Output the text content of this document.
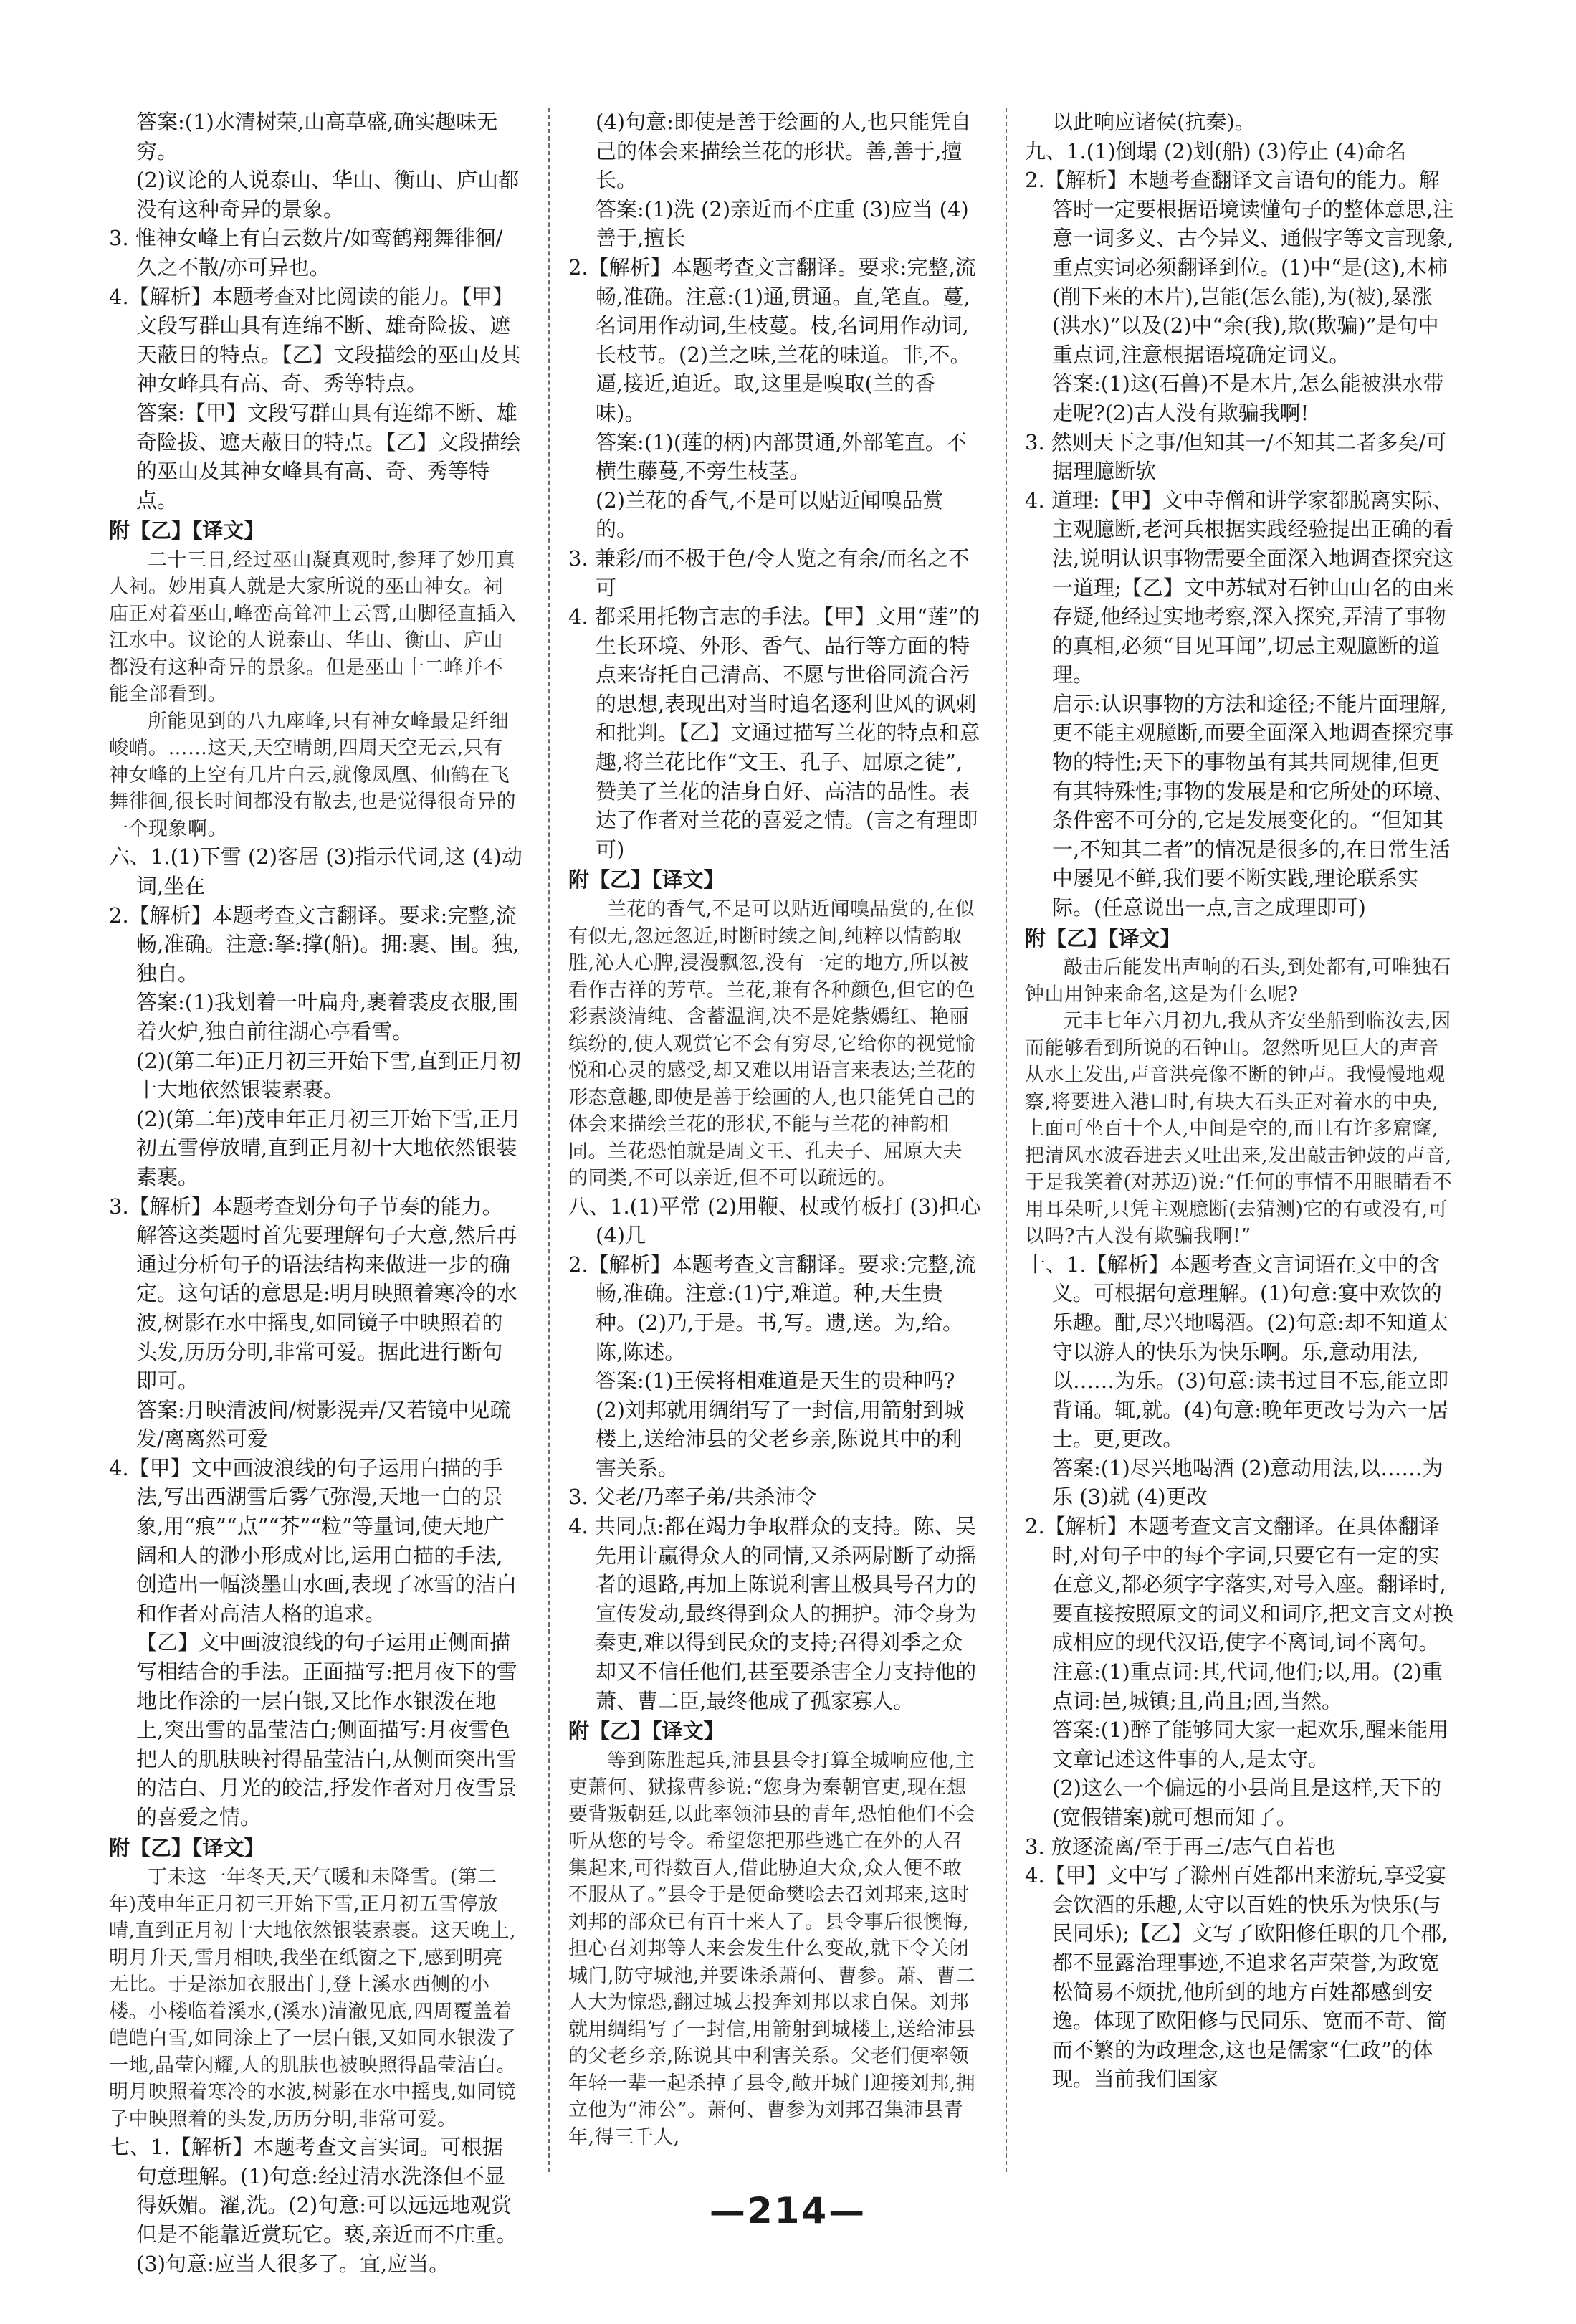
答案:(1)水清树荣,山高草盛,确实趣味无穷。

(2)议论的人说泰山、华山、衡山、庐山都没有这种奇异的景象。

3. 惟神女峰上有白云数片/如鸾鹤翔舞徘徊/久之不散/亦可异也。

4.【解析】本题考查对比阅读的能力。【甲】文段写群山具有连绵不断、雄奇险拔、遮天蔽日的特点。【乙】文段描绘的巫山及其神女峰具有高、奇、秀等特点。

答案:【甲】文段写群山具有连绵不断、雄奇险拔、遮天蔽日的特点。【乙】文段描绘的巫山及其神女峰具有高、奇、秀等特点。

附【乙】【译文】

二十三日,经过巫山凝真观时,参拜了妙用真人祠。妙用真人就是大家所说的巫山神女。祠庙正对着巫山,峰峦高耸冲上云霄,山脚径直插入江水中。议论的人说泰山、华山、衡山、庐山都没有这种奇异的景象。但是巫山十二峰并不能全部看到。

所能见到的八九座峰,只有神女峰最是纤细峻峭。……这天,天空晴朗,四周天空无云,只有神女峰的上空有几片白云,就像凤凰、仙鹤在飞舞徘徊,很长时间都没有散去,也是觉得很奇异的一个现象啊。

六、1.(1)下雪 (2)客居 (3)指示代词,这 (4)动词,坐在

2.【解析】本题考查文言翻译。要求:完整,流畅,准确。注意:拏:撑(船)。拥:裹、围。独,独自。

答案:(1)我划着一叶扁舟,裹着裘皮衣服,围着火炉,独自前往湖心亭看雪。

(2)(第二年)正月初三开始下雪,直到正月初十大地依然银装素裹。

(2)(第二年)茂申年正月初三开始下雪,正月初五雪停放晴,直到正月初十大地依然银装素裹。

3.【解析】本题考查划分句子节奏的能力。解答这类题时首先要理解句子大意,然后再通过分析句子的语法结构来做进一步的确定。这句话的意思是:明月映照着寒冷的水波,树影在水中摇曳,如同镜子中映照着的头发,历历分明,非常可爱。据此进行断句即可。

答案:月映清波间/树影滉弄/又若镜中见疏发/离离然可爱

4.【甲】文中画波浪线的句子运用白描的手法,写出西湖雪后雾气弥漫,天地一白的景象,用“痕”“点”“芥”“粒”等量词,使天地广阔和人的渺小形成对比,运用白描的手法,创造出一幅淡墨山水画,表现了冰雪的洁白和作者对高洁人格的追求。

【乙】文中画波浪线的句子运用正侧面描写相结合的手法。正面描写:把月夜下的雪地比作涂的一层白银,又比作水银泼在地上,突出雪的晶莹洁白;侧面描写:月夜雪色把人的肌肤映衬得晶莹洁白,从侧面突出雪的洁白、月光的皎洁,抒发作者对月夜雪景的喜爱之情。

附【乙】【译文】

丁未这一年冬天,天气暖和未降雪。(第二年)茂申年正月初三开始下雪,正月初五雪停放晴,直到正月初十大地依然银装素裹。这天晚上,明月升天,雪月相映,我坐在纸窗之下,感到明亮无比。于是添加衣服出门,登上溪水西侧的小楼。小楼临着溪水,(溪水)清澈见底,四周覆盖着皑皑白雪,如同涂上了一层白银,又如同水银泼了一地,晶莹闪耀,人的肌肤也被映照得晶莹洁白。明月映照着寒冷的水波,树影在水中摇曳,如同镜子中映照着的头发,历历分明,非常可爱。

七、1.【解析】本题考查文言实词。可根据句意理解。(1)句意:经过清水洗涤但不显得妖媚。濯,洗。(2)句意:可以远远地观赏但是不能靠近赏玩它。亵,亲近而不庄重。(3)句意:应当人很多了。宜,应当。

(4)句意:即使是善于绘画的人,也只能凭自己的体会来描绘兰花的形状。善,善于,擅长。

答案:(1)洗 (2)亲近而不庄重 (3)应当 (4)善于,擅长

2.【解析】本题考查文言翻译。要求:完整,流畅,准确。注意:(1)通,贯通。直,笔直。蔓,名词用作动词,生枝蔓。枝,名词用作动词,长枝节。(2)兰之味,兰花的味道。非,不。逼,接近,迫近。取,这里是嗅取(兰的香味)。

答案:(1)(莲的柄)内部贯通,外部笔直。不横生藤蔓,不旁生枝茎。

(2)兰花的香气,不是可以贴近闻嗅品赏的。

3. 兼彩/而不极于色/令人览之有余/而名之不可

4. 都采用托物言志的手法。【甲】文用“莲”的生长环境、外形、香气、品行等方面的特点来寄托自己清高、不愿与世俗同流合污的思想,表现出对当时追名逐利世风的讽刺和批判。【乙】文通过描写兰花的特点和意趣,将兰花比作“文王、孔子、屈原之徒”,赞美了兰花的洁身自好、高洁的品性。表达了作者对兰花的喜爱之情。(言之有理即可)

附【乙】【译文】

兰花的香气,不是可以贴近闻嗅品赏的,在似有似无,忽远忽近,时断时续之间,纯粹以情韵取胜,沁人心脾,浸漫飘忽,没有一定的地方,所以被看作吉祥的芳草。兰花,兼有各种颜色,但它的色彩素淡清纯、含蓄温润,决不是姹紫嫣红、艳丽缤纷的,使人观赏它不会有穷尽,它给你的视觉愉悦和心灵的感受,却又难以用语言来表达;兰花的形态意趣,即使是善于绘画的人,也只能凭自己的体会来描绘兰花的形状,不能与兰花的神韵相同。兰花恐怕就是周文王、孔夫子、屈原大夫的同类,不可以亲近,但不可以疏远的。

八、1.(1)平常 (2)用鞭、杖或竹板打 (3)担心 (4)几

2.【解析】本题考查文言翻译。要求:完整,流畅,准确。注意:(1)宁,难道。种,天生贵种。(2)乃,于是。书,写。遗,送。为,给。陈,陈述。

答案:(1)王侯将相难道是天生的贵种吗?

(2)刘邦就用绸绢写了一封信,用箭射到城楼上,送给沛县的父老乡亲,陈说其中的利害关系。

3. 父老/乃率子弟/共杀沛令

4. 共同点:都在竭力争取群众的支持。陈、吴先用计赢得众人的同情,又杀两尉断了动摇者的退路,再加上陈说利害且极具号召力的宣传发动,最终得到众人的拥护。沛令身为秦吏,难以得到民众的支持;召得刘季之众却又不信任他们,甚至要杀害全力支持他的萧、曹二臣,最终他成了孤家寡人。

附【乙】【译文】

等到陈胜起兵,沛县县令打算全城响应他,主吏萧何、狱掾曹参说:“您身为秦朝官吏,现在想要背叛朝廷,以此率领沛县的青年,恐怕他们不会听从您的号令。希望您把那些逃亡在外的人召集起来,可得数百人,借此胁迫大众,众人便不敢不服从了。”县令于是便命樊哙去召刘邦来,这时刘邦的部众已有百十来人了。县令事后很懊悔,担心召刘邦等人来会发生什么变故,就下令关闭城门,防守城池,并要诛杀萧何、曹参。萧、曹二人大为惊恐,翻过城去投奔刘邦以求自保。刘邦就用绸绢写了一封信,用箭射到城楼上,送给沛县的父老乡亲,陈说其中利害关系。父老们便率领年轻一辈一起杀掉了县令,敞开城门迎接刘邦,拥立他为“沛公”。萧何、曹参为刘邦召集沛县青年,得三千人,

以此响应诸侯(抗秦)。

九、1.(1)倒塌 (2)划(船) (3)停止 (4)命名

2.【解析】本题考查翻译文言语句的能力。解答时一定要根据语境读懂句子的整体意思,注意一词多义、古今异义、通假字等文言现象,重点实词必须翻译到位。(1)中“是(这),木柿(削下来的木片),岂能(怎么能),为(被),暴涨(洪水)”以及(2)中“余(我),欺(欺骗)”是句中重点词,注意根据语境确定词义。

答案:(1)这(石兽)不是木片,怎么能被洪水带走呢?(2)古人没有欺骗我啊!

3. 然则天下之事/但知其一/不知其二者多矣/可据理臆断欤

4. 道理:【甲】文中寺僧和讲学家都脱离实际、主观臆断,老河兵根据实践经验提出正确的看法,说明认识事物需要全面深入地调查探究这一道理;【乙】文中苏轼对石钟山山名的由来存疑,他经过实地考察,深入探究,弄清了事物的真相,必须“目见耳闻”,切忌主观臆断的道理。

启示:认识事物的方法和途径;不能片面理解,更不能主观臆断,而要全面深入地调查探究事物的特性;天下的事物虽有其共同规律,但更有其特殊性;事物的发展是和它所处的环境、条件密不可分的,它是发展变化的。“但知其一,不知其二者”的情况是很多的,在日常生活中屡见不鲜,我们要不断实践,理论联系实际。(任意说出一点,言之成理即可)

附【乙】【译文】

敲击后能发出声响的石头,到处都有,可唯独石钟山用钟来命名,这是为什么呢?

元丰七年六月初九,我从齐安坐船到临汝去,因而能够看到所说的石钟山。忽然听见巨大的声音从水上发出,声音洪亮像不断的钟声。我慢慢地观察,将要进入港口时,有块大石头正对着水的中央,上面可坐百十个人,中间是空的,而且有许多窟窿,把清风水波吞进去又吐出来,发出敲击钟鼓的声音,于是我笑着(对苏迈)说:“任何的事情不用眼睛看不用耳朵听,只凭主观臆断(去猜测)它的有或没有,可以吗?古人没有欺骗我啊!”

十、1.【解析】本题考查文言词语在文中的含义。可根据句意理解。(1)句意:宴中欢饮的乐趣。酣,尽兴地喝酒。(2)句意:却不知道太守以游人的快乐为快乐啊。乐,意动用法,以……为乐。(3)句意:读书过目不忘,能立即背诵。辄,就。(4)句意:晚年更改号为六一居士。更,更改。

答案:(1)尽兴地喝酒 (2)意动用法,以……为乐 (3)就 (4)更改

2.【解析】本题考查文言文翻译。在具体翻译时,对句子中的每个字词,只要它有一定的实在意义,都必须字字落实,对号入座。翻译时,要直接按照原文的词义和词序,把文言文对换成相应的现代汉语,使字不离词,词不离句。注意:(1)重点词:其,代词,他们;以,用。(2)重点词:邑,城镇;且,尚且;固,当然。

答案:(1)醉了能够同大家一起欢乐,醒来能用文章记述这件事的人,是太守。

(2)这么一个偏远的小县尚且是这样,天下的(宽假错案)就可想而知了。

3. 放逐流离/至于再三/志气自若也

4.【甲】文中写了滁州百姓都出来游玩,享受宴会饮酒的乐趣,太守以百姓的快乐为快乐(与民同乐);【乙】文写了欧阳修任职的几个郡,都不显露治理事迹,不追求名声荣誉,为政宽松简易不烦扰,他所到的地方百姓都感到安逸。体现了欧阳修与民同乐、宽而不苛、简而不繁的为政理念,这也是儒家“仁政”的体现。当前我们国家

—214—
